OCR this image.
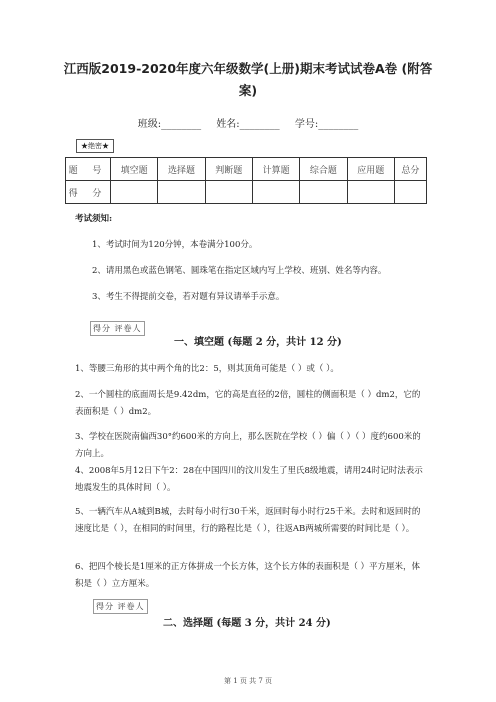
江西版2019-2020年度六年级数学(上册)期末考试试卷A卷 (附答
案)
班级:________ 姓名:________ 学号:________
★绝密★
题 号	填空题	选择题	判断题	计算题	综合题	应用题	总分
得 分							
考试须知:
1、考试时间为120分钟，本卷满分100分。
2、请用黑色或蓝色钢笔、圆珠笔在指定区域内写上学校、班别、姓名等内容。
3、考生不得提前交卷，若对题有异议请举手示意。
得分 评卷人
一、填空题 (每题 2 分，共计 12 分)
1、等腰三角形的其中两个角的比2：5，则其顶角可能是（ ）或（ ）。
2、一个圆柱的底面周长是9.42dm，它的高是直径的2倍，圆柱的侧面积是（ ）dm2，它的表面积是（ ）dm2。
3、学校在医院南偏西30°约600米的方向上，那么医院在学校（ ）偏（ ）（ ）度约600米的方向上。
4、2008年5月12日下午2：28在中国四川的汶川发生了里氏8级地震，请用24时记时法表示地震发生的具体时间（ ）。
5、一辆汽车从A城到B城，去时每小时行30千米，返回时每小时行25千米。去时和返回时的速度比是（ ），在相同的时间里，行的路程比是（ ），往返AB两城所需要的时间比是（ ）。
6、把四个棱长是1厘米的正方体拼成一个长方体，这个长方体的表面积是（ ）平方厘米，体积是（ ）立方厘米。
得分 评卷人
二、选择题 (每题 3 分，共计 24 分)
第 1 页 共 7 页
